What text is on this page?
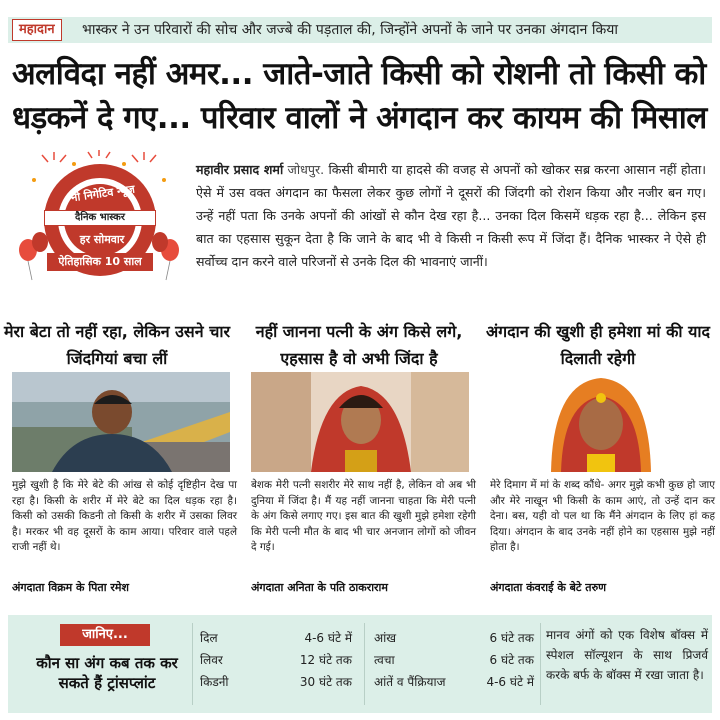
महादान	भास्कर ने उन परिवारों की सोच और जज्बे की पड़ताल की, जिन्होंने अपनों के जाने पर उनका अंगदान किया
अलविदा नहीं अमर... जाते-जाते किसी को रोशनी तो किसी को धड़कनें दे गए... परिवार वालों ने अंगदान कर कायम की मिसाल
नो निगेटिव न्यूज़
दैनिक भास्कर
हर सोमवार
ऐतिहासिक 10 साल

महावीर प्रसाद शर्मा जोधपुर. किसी बीमारी या हादसे की वजह से अपनों को खोकर सब्र करना आसान नहीं होता। ऐसे में उस वक्त अंगदान का फैसला लेकर कुछ लोगों ने दूसरों की जिंदगी को रोशन किया और नजीर बन गए। उन्हें नहीं पता कि उनके अपनों की आंखों से कौन देख रहा है... उनका दिल किसमें धड़क रहा है... लेकिन इस बात का एहसास सुकून देता है कि जाने के बाद भी वे किसी न किसी रूप में जिंदा हैं। दैनिक भास्कर ने ऐसे ही सर्वोच्च दान करने वाले परिजनों से उनके दिल की भावनाएं जानीं।

मेरा बेटा तो नहीं रहा, लेकिन उसने चार जिंदगियां बचा लीं

मुझे खुशी है कि मेरे बेटे की आंख से कोई दृष्टिहीन देख पा रहा है। किसी के शरीर में मेरे बेटे का दिल धड़क रहा है। किसी को उसकी किडनी तो किसी के शरीर में उसका लिवर है। मरकर भी वह दूसरों के काम आया। परिवार वाले पहले राजी नहीं थे।

अंगदाता विक्रम के पिता रमेश
नहीं जानना पत्नी के अंग किसे लगे, एहसास है वो अभी जिंदा है

बेशक मेरी पत्नी सशरीर मेरे साथ नहीं है, लेकिन वो अब भी दुनिया में जिंदा है। मैं यह नहीं जानना चाहता कि मेरी पत्नी के अंग किसे लगाए गए। इस बात की खुशी मुझे हमेशा रहेगी कि मेरी पत्नी मौत के बाद भी चार अनजान लोगों को जीवन दे गई।

अंगदाता अनिता के पति ठाकराराम
अंगदान की खुशी ही हमेशा मां की याद दिलाती रहेगी

मेरे दिमाग में मां के शब्द कौंधे- अगर मुझे कभी कुछ हो जाए और मेरे नाखून भी किसी के काम आएं, तो उन्हें दान कर देना। बस, यही वो पल था कि मैंने अंगदान के लिए हां कह दिया। अंगदान के बाद उनके नहीं होने का एहसास मुझे नहीं होता है।

अंगदाता कंवराई के बेटे तरुण
जानिए...
कौन सा अंग कब तक कर सकते हैं ट्रांसप्लांट
दिल	4-6 घंटे में
लिवर	12 घंटे तक
किडनी	30 घंटे तक
आंख	6 घंटे तक
त्वचा	6 घंटे तक
आंतें व पैंक्रियाज	4-6 घंटे में

मानव अंगों को एक विशेष बॉक्स में स्पेशल सॉल्यूशन के साथ प्रिजर्व करके बर्फ के बॉक्स में रखा जाता है।
